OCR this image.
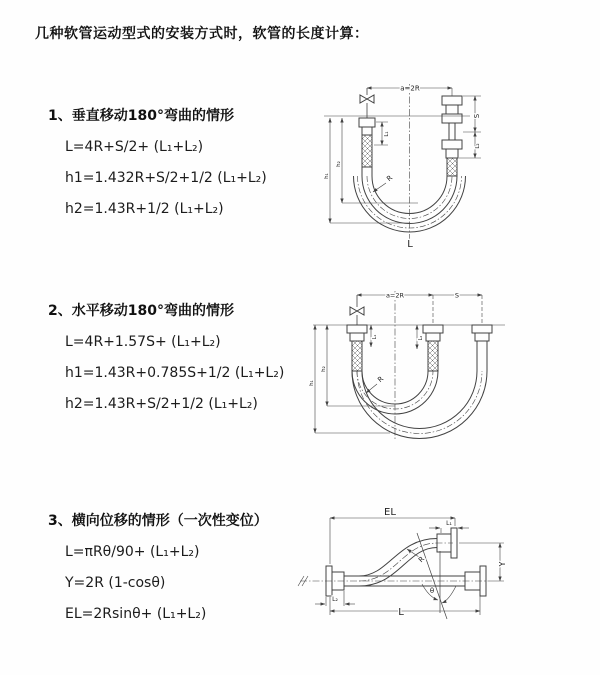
几种软管运动型式的安装方式时，软管的长度计算：
1、垂直移动180°弯曲的情形
L=4R+S/2+ (L₁+L₂)
h1=1.432R+S/2+1/2 (L₁+L₂)
h2=1.43R+1/2 (L₁+L₂)
2、水平移动180°弯曲的情形
L=4R+1.57S+ (L₁+L₂)
h1=1.43R+0.785S+1/2 (L₁+L₂)
h2=1.43R+S/2+1/2 (L₁+L₂)
3、横向位移的情形（一次性变位）
L=πRθ/90+ (L₁+L₂)
Y=2R (1-cosθ)
EL=2Rsinθ+ (L₁+L₂)
a=2R
S
L₂
L₁
h₁
h₂
R
L
a=2R	S
h₁
h₂
L₁	L₂
R
EL
L₁
Y
R
θ
L
L₂
